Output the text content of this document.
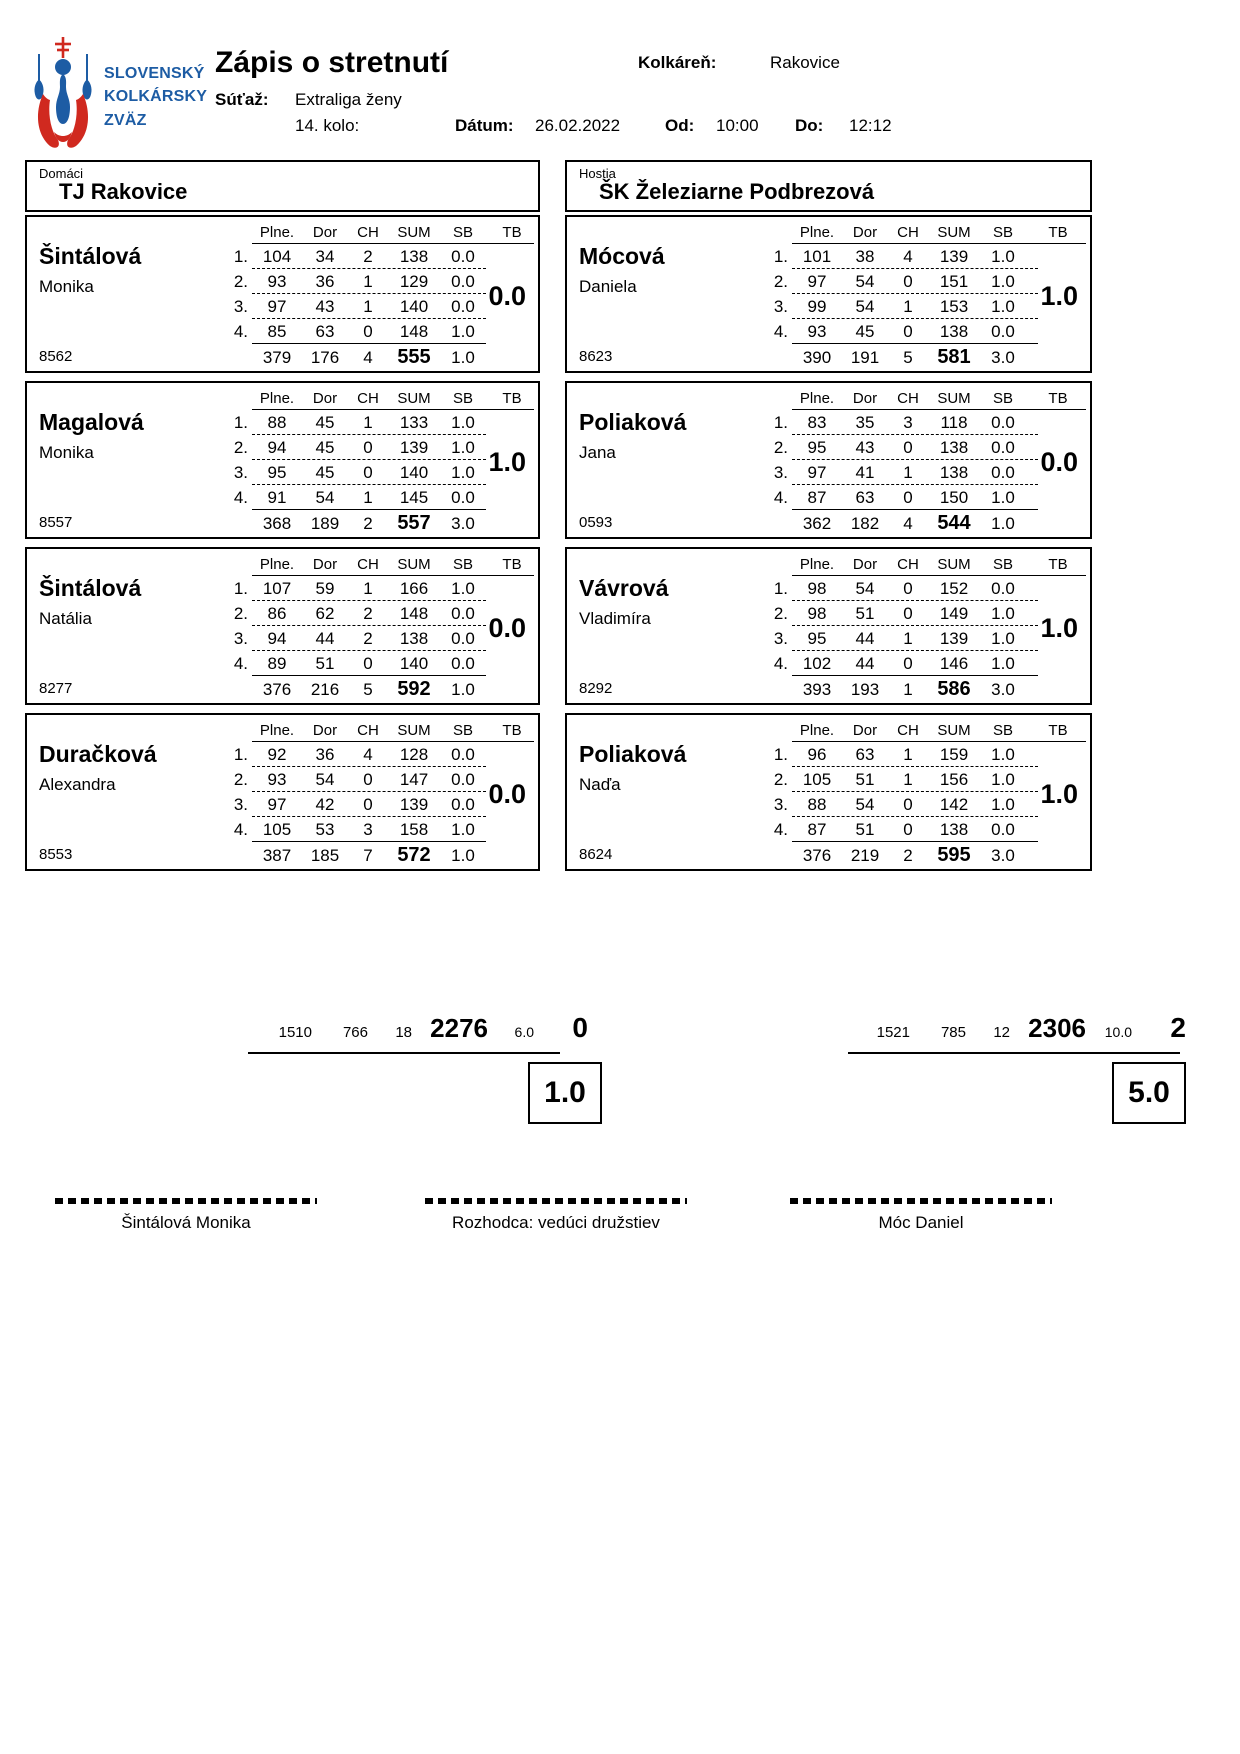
SLOVENSKÝ
KOLKÁRSKY
ZVÄZ
Zápis o stretnutí
Súťaž: Extraliga ženy
14. kolo:
Kolkáreň:	Rakovice
Dátum: 26.02.2022	Od: 10:00 Do: 12:12
Domáci
TJ Rakovice
Hostia
ŠK Železiarne Podbrezová
Šintálová
Monika
8562
Plne.	Dor	CH	SUM	SB	TB
1. 104	34	2	138	0.0
2.	93	36	1	129	0.0
3.	97	43	1	140	0.0
4.	85	63	0	148	1.0
379	176	4	555	1.0
0.0
Magalová
Monika
8557
Plne.	Dor	CH	SUM	SB	TB
1.	88	45	1	133	1.0
2.	94	45	0	139	1.0
3.	95	45	0	140	1.0
4.	91	54	1	145	0.0
368	189	2	557	3.0
1.0
Šintálová
Natália
8277
Plne.	Dor	CH	SUM	SB	TB
1. 107	59	1	166	1.0
2.	86	62	2	148	0.0
3.	94	44	2	138	0.0
4.	89	51	0	140	0.0
376	216	5	592	1.0
0.0
Duračková
Alexandra
8553
Plne.	Dor	CH	SUM	SB	TB
1.	92	36	4	128	0.0
2.	93	54	0	147	0.0
3.	97	42	0	139	0.0
4. 105	53	3	158	1.0
387	185	7	572	1.0
0.0
Mócová
Daniela
8623
Plne.	Dor	CH	SUM	SB	TB
1. 101	38	4	139	1.0
2.	97	54	0	151	1.0
3.	99	54	1	153	1.0
4.	93	45	0	138	0.0
390	191	5	581	3.0
1.0
Poliaková
Jana
0593
Plne.	Dor	CH	SUM	SB	TB
1.	83	35	3	118	0.0
2.	95	43	0	138	0.0
3.	97	41	1	138	0.0
4.	87	63	0	150	1.0
362	182	4	544	1.0
0.0
Vávrová
Vladimíra
8292
Plne.	Dor	CH	SUM	SB	TB
1.	98	54	0	152	0.0
2.	98	51	0	149	1.0
3.	95	44	1	139	1.0
4. 102	44	0	146	1.0
393	193	1	586	3.0
1.0
Poliaková
Naďa
8624
Plne.	Dor	CH	SUM	SB	TB
1.	96	63	1	159	1.0
2. 105	51	1	156	1.0
3.	88	54	0	142	1.0
4.	87	51	0	138	0.0
376	219	2	595	3.0
1.0
1510	766	18 2276	6.0	0
1.0
1521	785	12 2306	10.0	2
5.0
Šintálová Monika	Rozhodca: vedúci družstiev	Móc Daniel
